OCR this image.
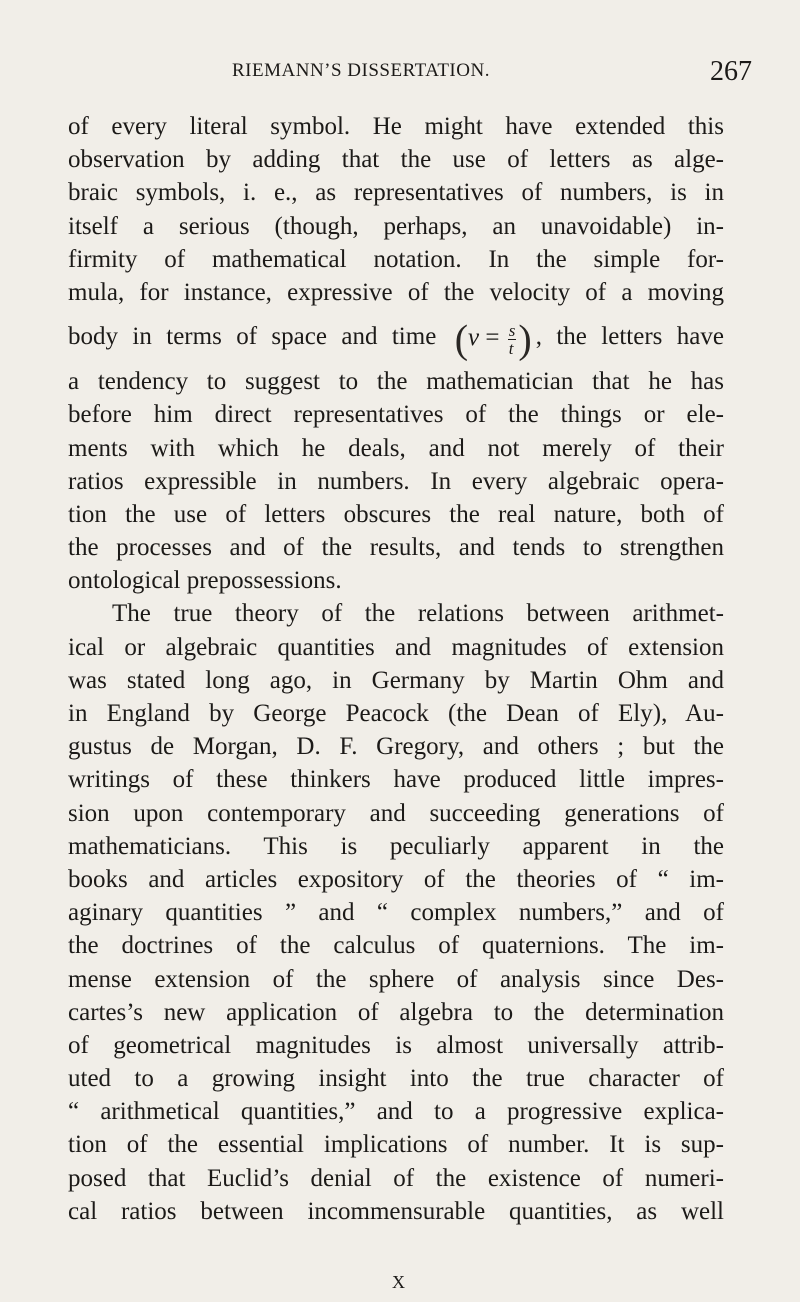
RIEMANN’S DISSERTATION.	267
of every literal symbol. He might have extended this
observation by adding that the use of letters as alge-
braic symbols, i. e., as representatives of numbers, is in
itself a serious (though, perhaps, an unavoidable) in-
firmity of mathematical notation. In the simple for-
mula, for instance, expressive of the velocity of a moving
body in terms of space and time ($v = \frac{s}{t}$ ) , the letters have
a tendency to suggest to the mathematician that he has
before him direct representatives of the things or ele-
ments with which he deals, and not merely of their
ratios expressible in numbers. In every algebraic opera-
tion the use of letters obscures the real nature, both of
the processes and of the results, and tends to strengthen
ontological prepossessions.
The true theory of the relations between arithmet-
ical or algebraic quantities and magnitudes of extension
was stated long ago, in Germany by Martin Ohm and
in England by George Peacock (the Dean of Ely), Au-
gustus de Morgan, D. F. Gregory, and others ; but the
writings of these thinkers have produced little impres-
sion upon contemporary and succeeding generations of
mathematicians. This is peculiarly apparent in the
books and articles expository of the theories of “ im-
aginary quantities ” and “ complex numbers,” and of
the doctrines of the calculus of quaternions. The im-
mense extension of the sphere of analysis since Des-
cartes’s new application of algebra to the determination
of geometrical magnitudes is almost universally attrib-
uted to a growing insight into the true character of
“ arithmetical quantities,” and to a progressive explica-
tion of the essential implications of number. It is sup-
posed that Euclid’s denial of the existence of numeri-
cal ratios between incommensurable quantities, as well
X
